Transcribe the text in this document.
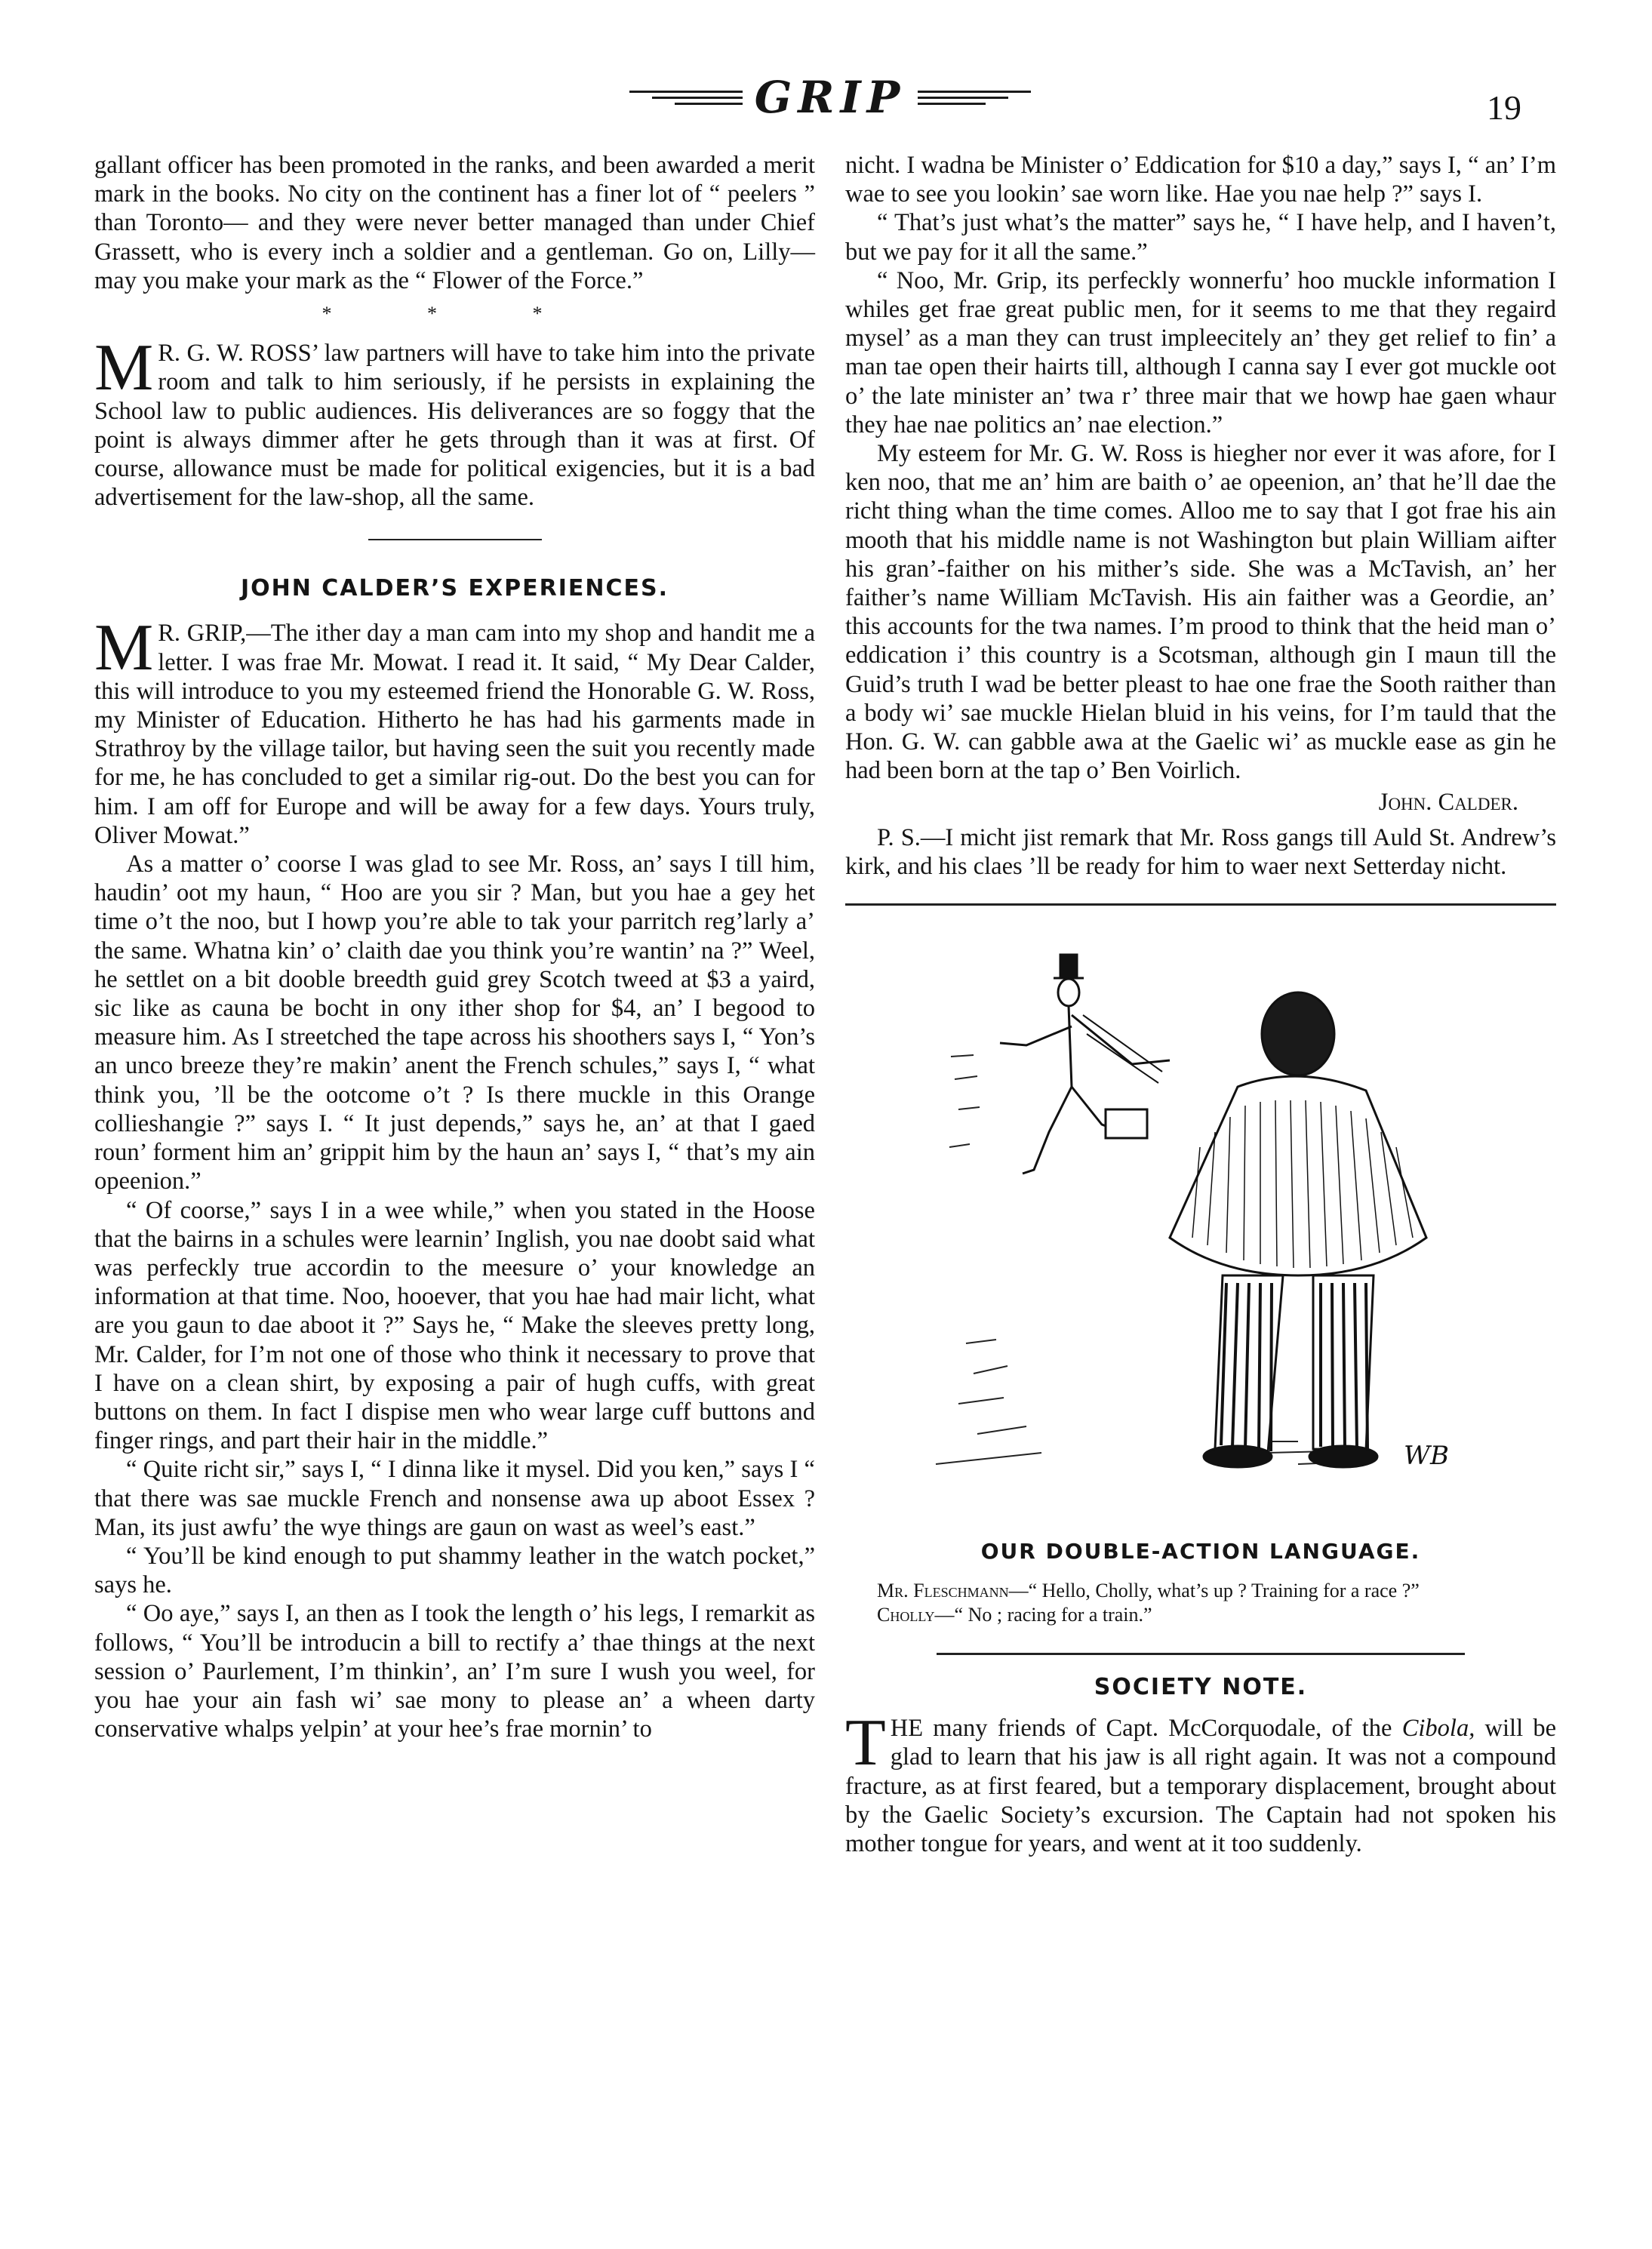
GRIP	19

gallant officer has been promoted in the ranks, and been awarded a merit mark in the books. No city on the continent has a finer lot of “ peelers ” than Toronto— and they were never better managed than under Chief Grassett, who is every inch a soldier and a gentleman. Go on, Lilly—may you make your mark as the “ Flower of the Force.”

* * *

M R. G. W. ROSS’ law partners will have to take him into the private room and talk to him seriously, if he persists in explaining the School law to public audiences. His deliverances are so foggy that the point is always dimmer after he gets through than it was at first. Of course, allowance must be made for political exigencies, but it is a bad advertisement for the law-shop, all the same.

JOHN CALDER’S EXPERIENCES.

M R. GRIP,—The ither day a man cam into my shop and handit me a letter. I was frae Mr. Mowat. I read it. It said, “ My Dear Calder, this will introduce to you my esteemed friend the Honorable G. W. Ross, my Minister of Education. Hitherto he has had his garments made in Strathroy by the village tailor, but having seen the suit you recently made for me, he has concluded to get a similar rig-out. Do the best you can for him. I am off for Europe and will be away for a few days. Yours truly, Oliver Mowat.”

As a matter o’ coorse I was glad to see Mr. Ross, an’ says I till him, haudin’ oot my haun, “ Hoo are you sir ? Man, but you hae a gey het time o’t the noo, but I howp you’re able to tak your parritch reg’larly a’ the same. Whatna kin’ o’ claith dae you think you’re wantin’ na ?” Weel, he settlet on a bit dooble breedth guid grey Scotch tweed at $3 a yaird, sic like as cauna be bocht in ony ither shop for $4, an’ I begood to measure him. As I streetched the tape across his shoothers says I, “ Yon’s an unco breeze they’re makin’ anent the French schules,” says I, “ what think you, ’ll be the ootcome o’t ? Is there muckle in this Orange collieshangie ?” says I. “ It just depends,” says he, an’ at that I gaed roun’ forment him an’ grippit him by the haun an’ says I, “ that’s my ain opeenion.”

“ Of coorse,” says I in a wee while,” when you stated in the Hoose that the bairns in a schules were learnin’ Inglish, you nae doobt said what was perfeckly true accordin to the meesure o’ your knowledge an information at that time. Noo, hooever, that you hae had mair licht, what are you gaun to dae aboot it ?” Says he, “ Make the sleeves pretty long, Mr. Calder, for I’m not one of those who think it necessary to prove that I have on a clean shirt, by exposing a pair of hugh cuffs, with great buttons on them. In fact I dispise men who wear large cuff buttons and finger rings, and part their hair in the middle.”

“ Quite richt sir,” says I, “ I dinna like it mysel. Did you ken,” says I “ that there was sae muckle French and nonsense awa up aboot Essex ? Man, its just awfu’ the wye things are gaun on wast as weel’s east.”

“ You’ll be kind enough to put shammy leather in the watch pocket,” says he.

“ Oo aye,” says I, an then as I took the length o’ his legs, I remarkit as follows, “ You’ll be introducin a bill to rectify a’ thae things at the next session o’ Paurlement, I’m thinkin’, an’ I’m sure I wush you weel, for you hae your ain fash wi’ sae mony to please an’ a wheen darty conservative whalps yelpin’ at your hee’s frae mornin’ to

nicht. I wadna be Minister o’ Eddication for $10 a day,” says I, “ an’ I’m wae to see you lookin’ sae worn like. Hae you nae help ?” says I.

“ That’s just what’s the matter” says he, “ I have help, and I haven’t, but we pay for it all the same.”

“ Noo, Mr. Grip, its perfeckly wonnerfu’ hoo muckle information I whiles get frae great public men, for it seems to me that they regaird mysel’ as a man they can trust impleecitely an’ they get relief to fin’ a man tae open their hairts till, although I canna say I ever got muckle oot o’ the late minister an’ twa r’ three mair that we howp hae gaen whaur they hae nae politics an’ nae election.”

My esteem for Mr. G. W. Ross is hiegher nor ever it was afore, for I ken noo, that me an’ him are baith o’ ae opeenion, an’ that he’ll dae the richt thing whan the time comes. Alloo me to say that I got frae his ain mooth that his middle name is not Washington but plain William aifter his gran’-faither on his mither’s side. She was a McTavish, an’ her faither’s name William McTavish. His ain faither was a Geordie, an’ this accounts for the twa names. I’m prood to think that the heid man o’ eddication i’ this country is a Scotsman, although gin I maun till the Guid’s truth I wad be better pleast to hae one frae the Sooth raither than a body wi’ sae muckle Hielan bluid in his veins, for I’m tauld that the Hon. G. W. can gabble awa at the Gaelic wi’ as muckle ease as gin he had been born at the tap o’ Ben Voirlich.

John. Calder.

P. S.—I micht jist remark that Mr. Ross gangs till Auld St. Andrew’s kirk, and his claes ’ll be ready for him to waer next Setterday nicht.

WB
OUR DOUBLE-ACTION LANGUAGE.

Mr. Fleschmann—“ Hello, Cholly, what’s up ? Training for a race ?”

Cholly—“ No ; racing for a train.”

SOCIETY NOTE.

THE many friends of Capt. McCorquodale, of the Cibola, will be glad to learn that his jaw is all right again. It was not a compound fracture, as at first feared, but a temporary displacement, brought about by the Gaelic Society’s excursion. The Captain had not spoken his mother tongue for years, and went at it too suddenly.
